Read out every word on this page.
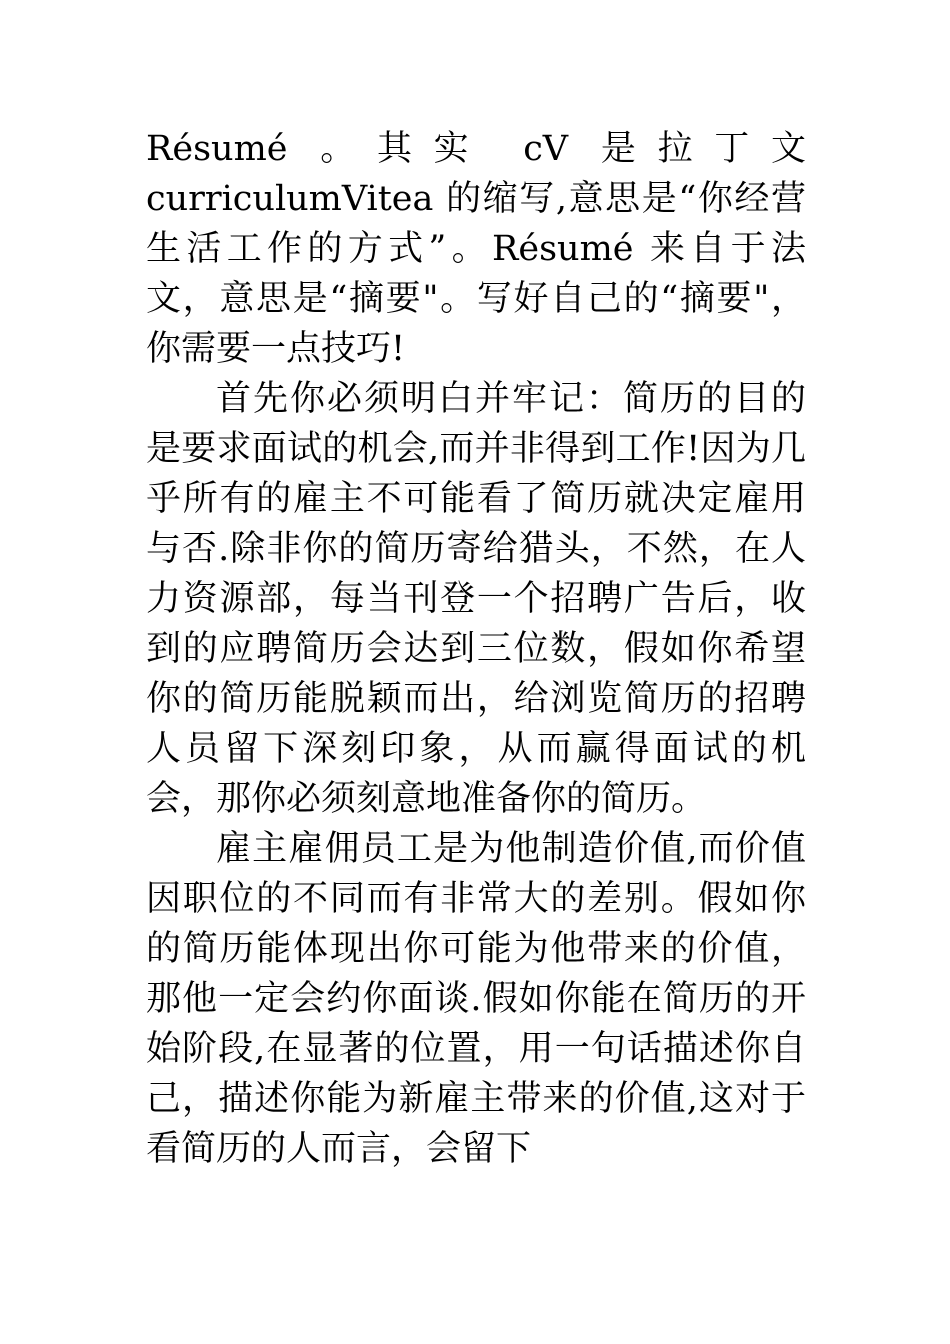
Résumé 。其实 cV 是拉丁文 curriculumVitea 的缩写,意思是“你经营生活工作的方式”。Résumé 来自于法文，意思是“摘要"。写好自己的“摘要"，你需要一点技巧!

首先你必须明白并牢记：简历的目的是要求面试的机会,而并非得到工作!因为几乎所有的雇主不可能看了简历就决定雇用与否.除非你的简历寄给猎头，不然，在人力资源部，每当刊登一个招聘广告后，收到的应聘简历会达到三位数，假如你希望你的简历能脱颖而出，给浏览简历的招聘人员留下深刻印象，从而赢得面试的机会，那你必须刻意地准备你的简历。

雇主雇佣员工是为他制造价值,而价值因职位的不同而有非常大的差别。假如你的简历能体现出你可能为他带来的价值，那他一定会约你面谈.假如你能在简历的开始阶段,在显著的位置，用一句话描述你自己，描述你能为新雇主带来的价值,这对于看简历的人而言，会留下
